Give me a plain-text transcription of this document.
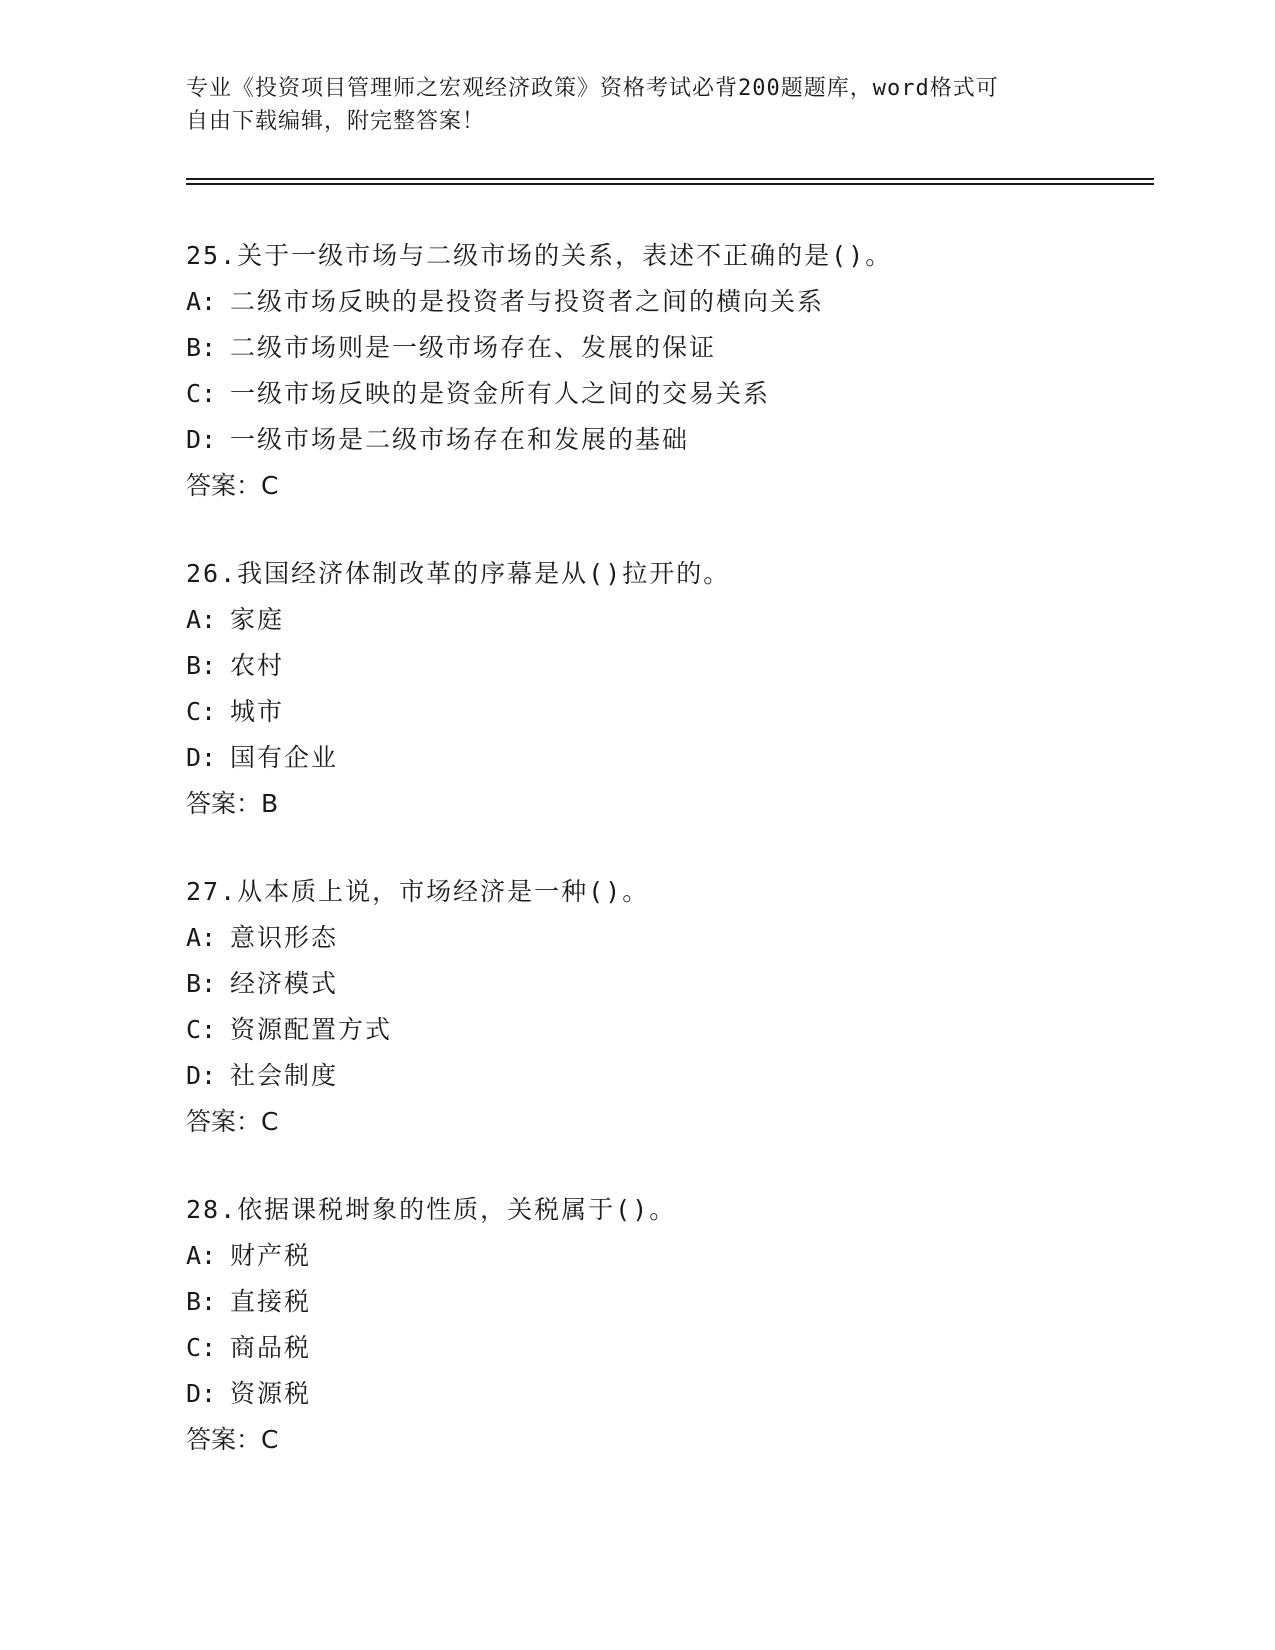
专业《投资项目管理师之宏观经济政策》资格考试必背200题题库，word格式可
自由下载编辑，附完整答案！
25.关于一级市场与二级市场的关系，表述不正确的是()。
A: 二级市场反映的是投资者与投资者之间的横向关系
B: 二级市场则是一级市场存在、发展的保证
C: 一级市场反映的是资金所有人之间的交易关系
D: 一级市场是二级市场存在和发展的基础
答案：C
26.我国经济体制改革的序幕是从()拉开的。
A: 家庭
B: 农村
C: 城市
D: 国有企业
答案：B
27.从本质上说，市场经济是一种()。
A: 意识形态
B: 经济模式
C: 资源配置方式
D: 社会制度
答案：C
28.依据课税埘象的性质，关税属于()。
A: 财产税
B: 直接税
C: 商品税
D: 资源税
答案：C
